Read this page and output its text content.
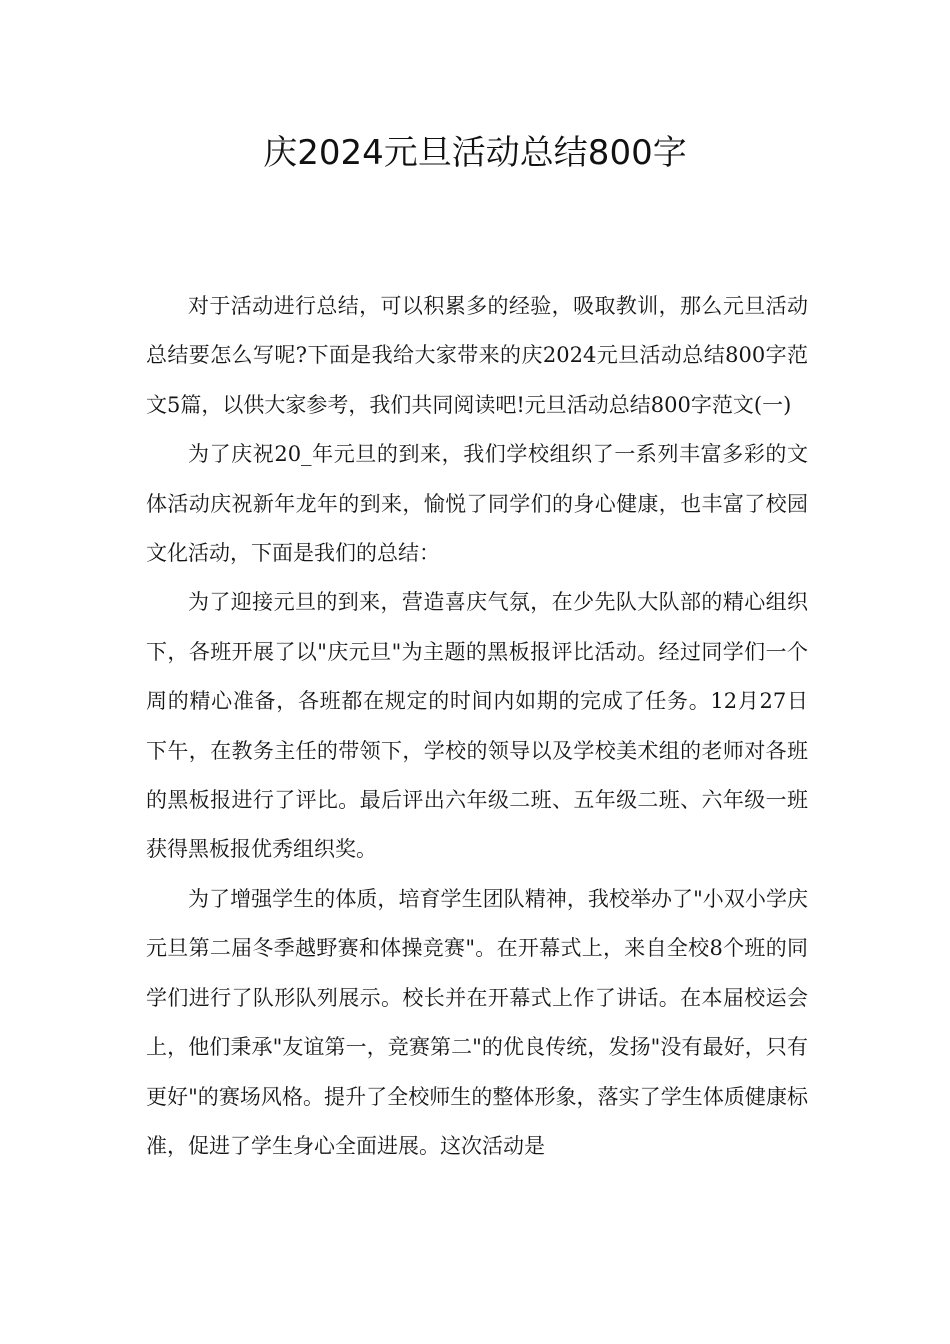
庆2024元旦活动总结800字

对于活动进行总结，可以积累多的经验，吸取教训，那么元旦活动总结要怎么写呢?下面是我给大家带来的庆2024元旦活动总结800字范文5篇，以供大家参考，我们共同阅读吧!元旦活动总结800字范文(一)

为了庆祝20_年元旦的到来，我们学校组织了一系列丰富多彩的文体活动庆祝新年龙年的到来，愉悦了同学们的身心健康，也丰富了校园文化活动，下面是我们的总结：

为了迎接元旦的到来，营造喜庆气氛，在少先队大队部的精心组织下，各班开展了以"庆元旦"为主题的黑板报评比活动。经过同学们一个周的精心准备，各班都在规定的时间内如期的完成了任务。12月27日下午，在教务主任的带领下，学校的领导以及学校美术组的老师对各班的黑板报进行了评比。最后评出六年级二班、五年级二班、六年级一班获得黑板报优秀组织奖。

为了增强学生的体质，培育学生团队精神，我校举办了"小双小学庆元旦第二届冬季越野赛和体操竞赛"。在开幕式上，来自全校8个班的同学们进行了队形队列展示。校长并在开幕式上作了讲话。在本届校运会上，他们秉承"友谊第一，竞赛第二"的优良传统，发扬"没有最好，只有更好"的赛场风格。提升了全校师生的整体形象，落实了学生体质健康标准，促进了学生身心全面进展。这次活动是
